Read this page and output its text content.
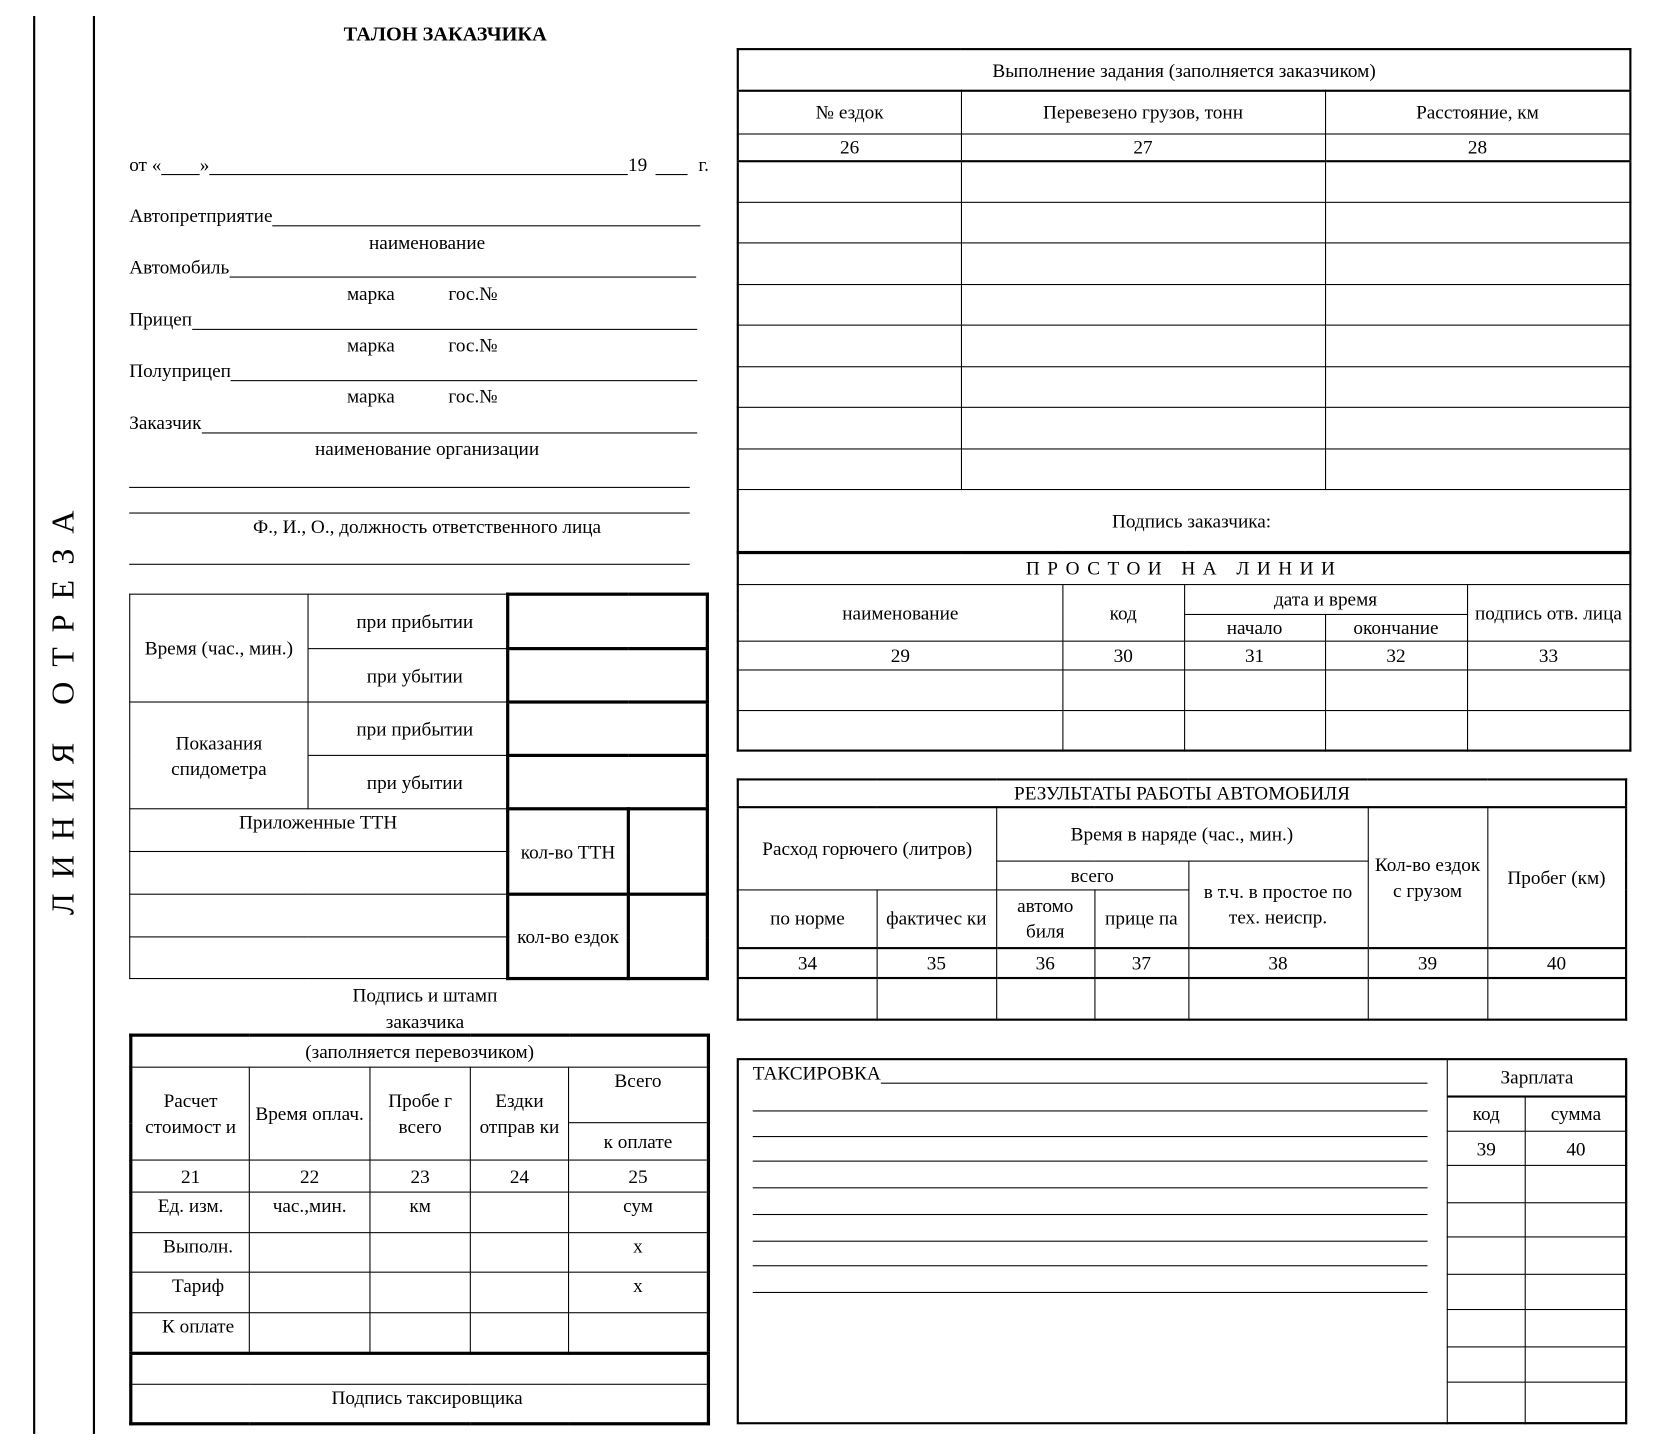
ЛИНИЯ ОТРЕЗА
ТАЛОН ЗАКАЗЧИКА
от « »	19	г.
Автопретприятие
наименование
Автомобиль
марка	гос.№
Прицеп
марка	гос.№
Полуприцеп
марка	гос.№
Заказчик
наименование организации
Ф., И., О., должность ответственного лица
Время (час., мин.)	при прибытии		
	при убытии		
Показания спидометра	при прибытии		
	при убытии		
Приложенные ТТН		кол-во ТТН	

		кол-во ездок	

Подпись и штамп заказчика
(заполняется перевозчиком)				
Расчет стоимост и	Время оплач.	Пробе г всего	Ездки отправ ки	Всего
				к оплате
21	22	23	24	25
Ед. изм.	час.,мин.	км		сум
Выполн.				х
Тариф				х
К оплате				

Подпись таксировщика				
Выполнение задания (заполняется заказчиком)		
№ ездок	Перевезено грузов, тонн	Расстояние, км
26	27	28

Подпись заказчика:		
ПРОСТОИ НА ЛИНИИ				
наименование	код	дата и время		подпись отв. лица
		начало	окончание	
29	30	31	32	33

РЕЗУЛЬТАТЫ РАБОТЫ АВТОМОБИЛЯ						
Расход горючего (литров)		Время в наряде (час., мин.)			Кол-во ездок с грузом	Пробег (км)
		всего		в т.ч. в простое по тех. неиспр.		
по норме	фактичес ки	автомо биля	прице па			
34	35	36	37	38	39	40

ТАКСИРОВКА	Зарплата	
код	сумма
39	40
